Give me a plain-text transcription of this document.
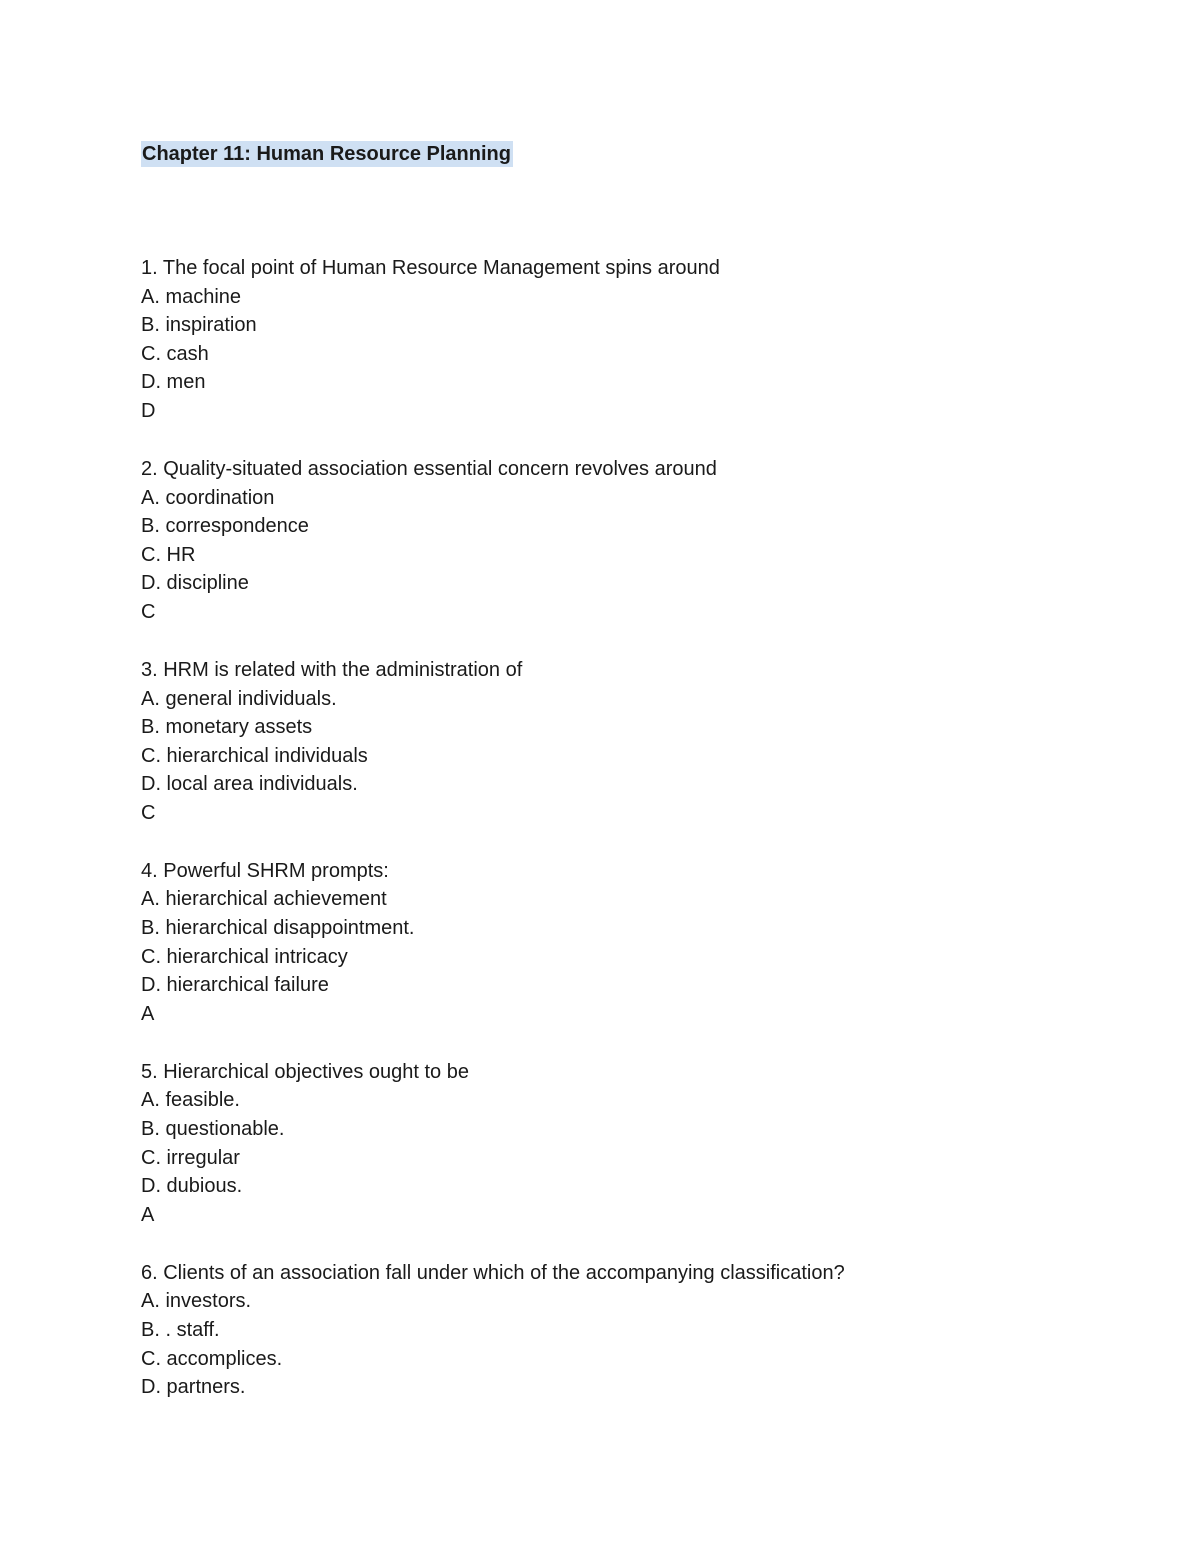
Chapter 11: Human Resource Planning
1. The focal point of Human Resource Management spins around
A. machine
B. inspiration
C. cash
D. men
D
2. Quality-situated association essential concern revolves around
A. coordination
B. correspondence
C. HR
D. discipline
C
3. HRM is related with the administration of
A. general individuals.
B. monetary assets
C. hierarchical individuals
D. local area individuals.
C
4. Powerful SHRM prompts:
A. hierarchical achievement
B. hierarchical disappointment.
C. hierarchical intricacy
D. hierarchical failure
A
5. Hierarchical objectives ought to be
A. feasible.
B. questionable.
C. irregular
D. dubious.
A
6. Clients of an association fall under which of the accompanying classification?
A. investors.
B. . staff.
C. accomplices.
D. partners.
